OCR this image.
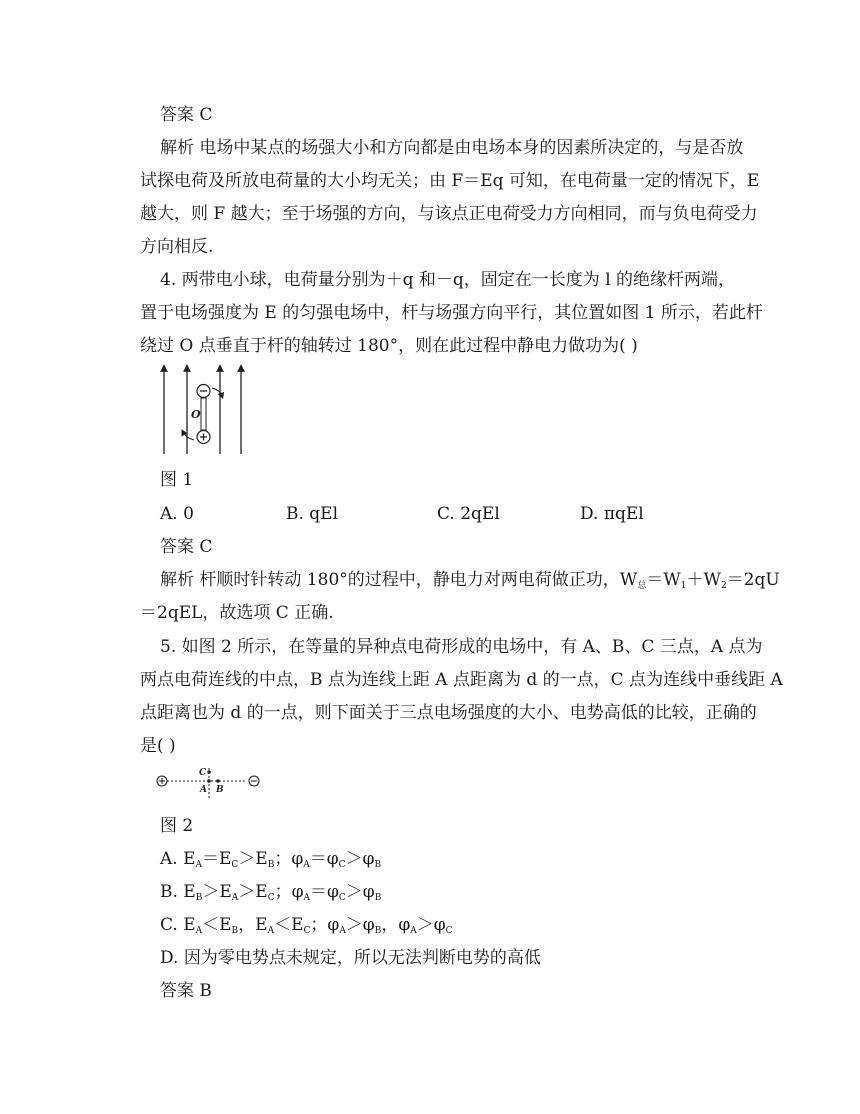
答案 C
解析 电场中某点的场强大小和方向都是由电场本身的因素所决定的，与是否放
试探电荷及所放电荷量的大小均无关；由 F＝Eq 可知，在电荷量一定的情况下，E
越大，则 F 越大；至于场强的方向，与该点正电荷受力方向相同，而与负电荷受力
方向相反.
4. 两带电小球，电荷量分别为＋q 和－q，固定在一长度为 l 的绝缘杆两端，
置于电场强度为 E 的匀强电场中，杆与场强方向平行，其位置如图 1 所示，若此杆
绕过 O 点垂直于杆的轴转过 180°，则在此过程中静电力做功为( )
O
图 1
A. 0	B. qEl	C. 2qEl	D. πqEl
答案 C
解析 杆顺时针转动 180°的过程中，静电力对两电荷做正功，$W_总=W_1+W_2=2qU$
＝2qEL，故选项 C 正确.
5. 如图 2 所示，在等量的异种点电荷形成的电场中，有 A、B、C 三点，A 点为
两点电荷连线的中点，B 点为连线上距 A 点距离为 d 的一点，C 点为连线中垂线距 A
点距离也为 d 的一点，则下面关于三点电场强度的大小、电势高低的比较，正确的
是( )
C
A B
图 2
A. $E_A=E_C>E_B$；$\varphi_A=\varphi_C>\varphi_B$
B. $E_B>E_A>E_C$；$\varphi_A=\varphi_C>\varphi_B$
C. $E_A<E_B$，$E_A<E_C$；$\varphi_A>\varphi_B$，$\varphi_A>\varphi_C$
D. 因为零电势点未规定，所以无法判断电势的高低
答案 B
